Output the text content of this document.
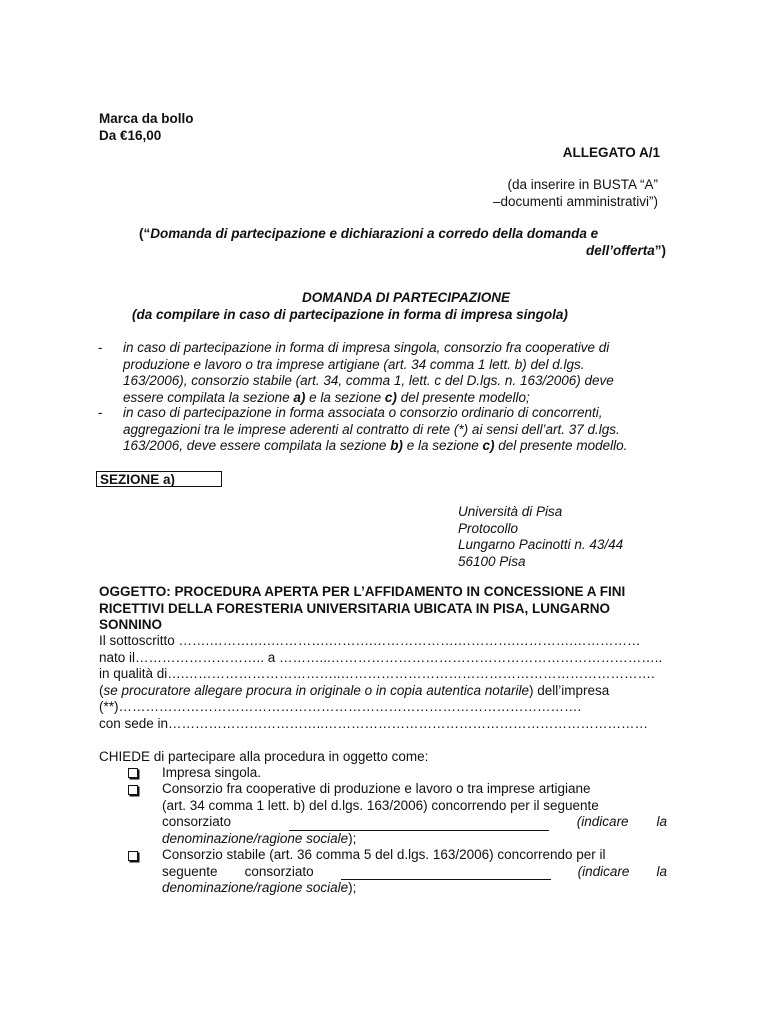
Marca da bollo
Da €16,00
ALLEGATO A/1
(da inserire in BUSTA “A”
–documenti amministrativi”)
(“Domanda di partecipazione e dichiarazioni a corredo della domanda e
dell’offerta”)
DOMANDA DI PARTECIPAZIONE
(da compilare in caso di partecipazione in forma di impresa singola)
- in caso di partecipazione in forma di impresa singola, consorzio fra cooperative di
produzione e lavoro o tra imprese artigiane (art. 34 comma 1 lett. b) del d.lgs.
163/2006), consorzio stabile (art. 34, comma 1, lett. c del D.lgs. n. 163/2006) deve
essere compilata la sezione a) e la sezione c) del presente modello;
- in caso di partecipazione in forma associata o consorzio ordinario di concorrenti,
aggregazioni tra le imprese aderenti al contratto di rete (*) ai sensi dell’art. 37 d.lgs.
163/2006, deve essere compilata la sezione b) e la sezione c) del presente modello.
SEZIONE a)
Università di Pisa
Protocollo
Lungarno Pacinotti n. 43/44
56100 Pisa
OGGETTO: PROCEDURA APERTA PER L’AFFIDAMENTO IN CONCESSIONE A FINI
RICETTIVI DELLA FORESTERIA UNIVERSITARIA UBICATA IN PISA, LUNGARNO
SONNINO
Il sottoscritto …….……….….………….……….……………….………….………….……………
nato il……………………….. a ………...………………………………………………………………..
in qualità di….……………………………..…………………………………………………………….
(se procuratore allegare procura in originale o in copia autentica notarile) dell’impresa
(**)………………………………………………………………………………………….
con sede in……………………………..………………………………………………………………
CHIEDE di partecipare alla procedura in oggetto come:
Impresa singola.
Consorzio fra cooperative di produzione e lavoro o tra imprese artigiane
(art. 34 comma 1 lett. b) del d.lgs. 163/2006) concorrendo per il seguente
consorziato	(indicare la
denominazione/ragione sociale);
Consorzio stabile (art. 36 comma 5 del d.lgs. 163/2006) concorrendo per il
seguente consorziato	(indicare la
denominazione/ragione sociale);
